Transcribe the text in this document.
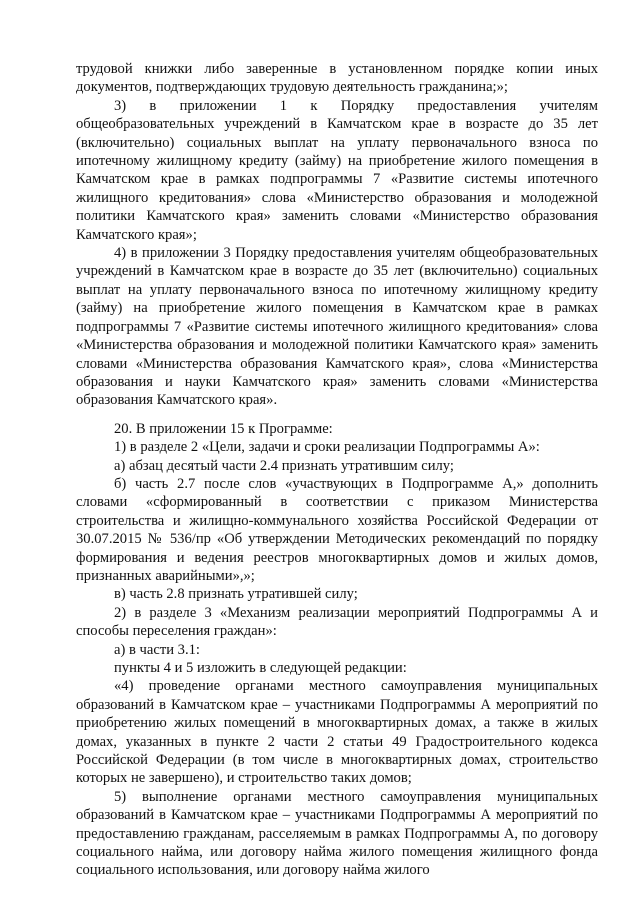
трудовой книжки либо заверенные в установленном порядке копии иных документов, подтверждающих трудовую деятельность гражданина;»;

3) в приложении 1 к Порядку предоставления учителям общеобразовательных учреждений в Камчатском крае в возрасте до 35 лет (включительно) социальных выплат на уплату первоначального взноса по ипотечному жилищному кредиту (займу) на приобретение жилого помещения в Камчатском крае в рамках подпрограммы 7 «Развитие системы ипотечного жилищного кредитования» слова «Министерство образования и молодежной политики Камчатского края» заменить словами «Министерство образования Камчатского края»;

4) в приложении 3 Порядку предоставления учителям общеобразовательных учреждений в Камчатском крае в возрасте до 35 лет (включительно) социальных выплат на уплату первоначального взноса по ипотечному жилищному кредиту (займу) на приобретение жилого помещения в Камчатском крае в рамках подпрограммы 7 «Развитие системы ипотечного жилищного кредитования» слова «Министерства образования и молодежной политики Камчатского края» заменить словами «Министерства образования Камчатского края», слова «Министерства образования и науки Камчатского края» заменить словами «Министерства образования Камчатского края».

20. В приложении 15 к Программе:

1) в разделе 2 «Цели, задачи и сроки реализации Подпрограммы А»:

а) абзац десятый части 2.4 признать утратившим силу;

б) часть 2.7 после слов «участвующих в Подпрограмме А,» дополнить словами «сформированный в соответствии с приказом Министерства строительства и жилищно-коммунального хозяйства Российской Федерации от 30.07.2015 № 536/пр «Об утверждении Методических рекомендаций по порядку формирования и ведения реестров многоквартирных домов и жилых домов, признанных аварийными»,»;

в) часть 2.8 признать утратившей силу;

2) в разделе 3 «Механизм реализации мероприятий Подпрограммы А и способы переселения граждан»:

а) в части 3.1:

пункты 4 и 5 изложить в следующей редакции:

«4) проведение органами местного самоуправления муниципальных образований в Камчатском крае – участниками Подпрограммы А мероприятий по приобретению жилых помещений в многоквартирных домах, а также в жилых домах, указанных в пункте 2 части 2 статьи 49 Градостроительного кодекса Российской Федерации (в том числе в многоквартирных домах, строительство которых не завершено), и строительство таких домов;

5) выполнение органами местного самоуправления муниципальных образований в Камчатском крае – участниками Подпрограммы А мероприятий по предоставлению гражданам, расселяемым в рамках Подпрограммы А, по договору социального найма, или договору найма жилого помещения жилищного фонда социального использования, или договору найма жилого
